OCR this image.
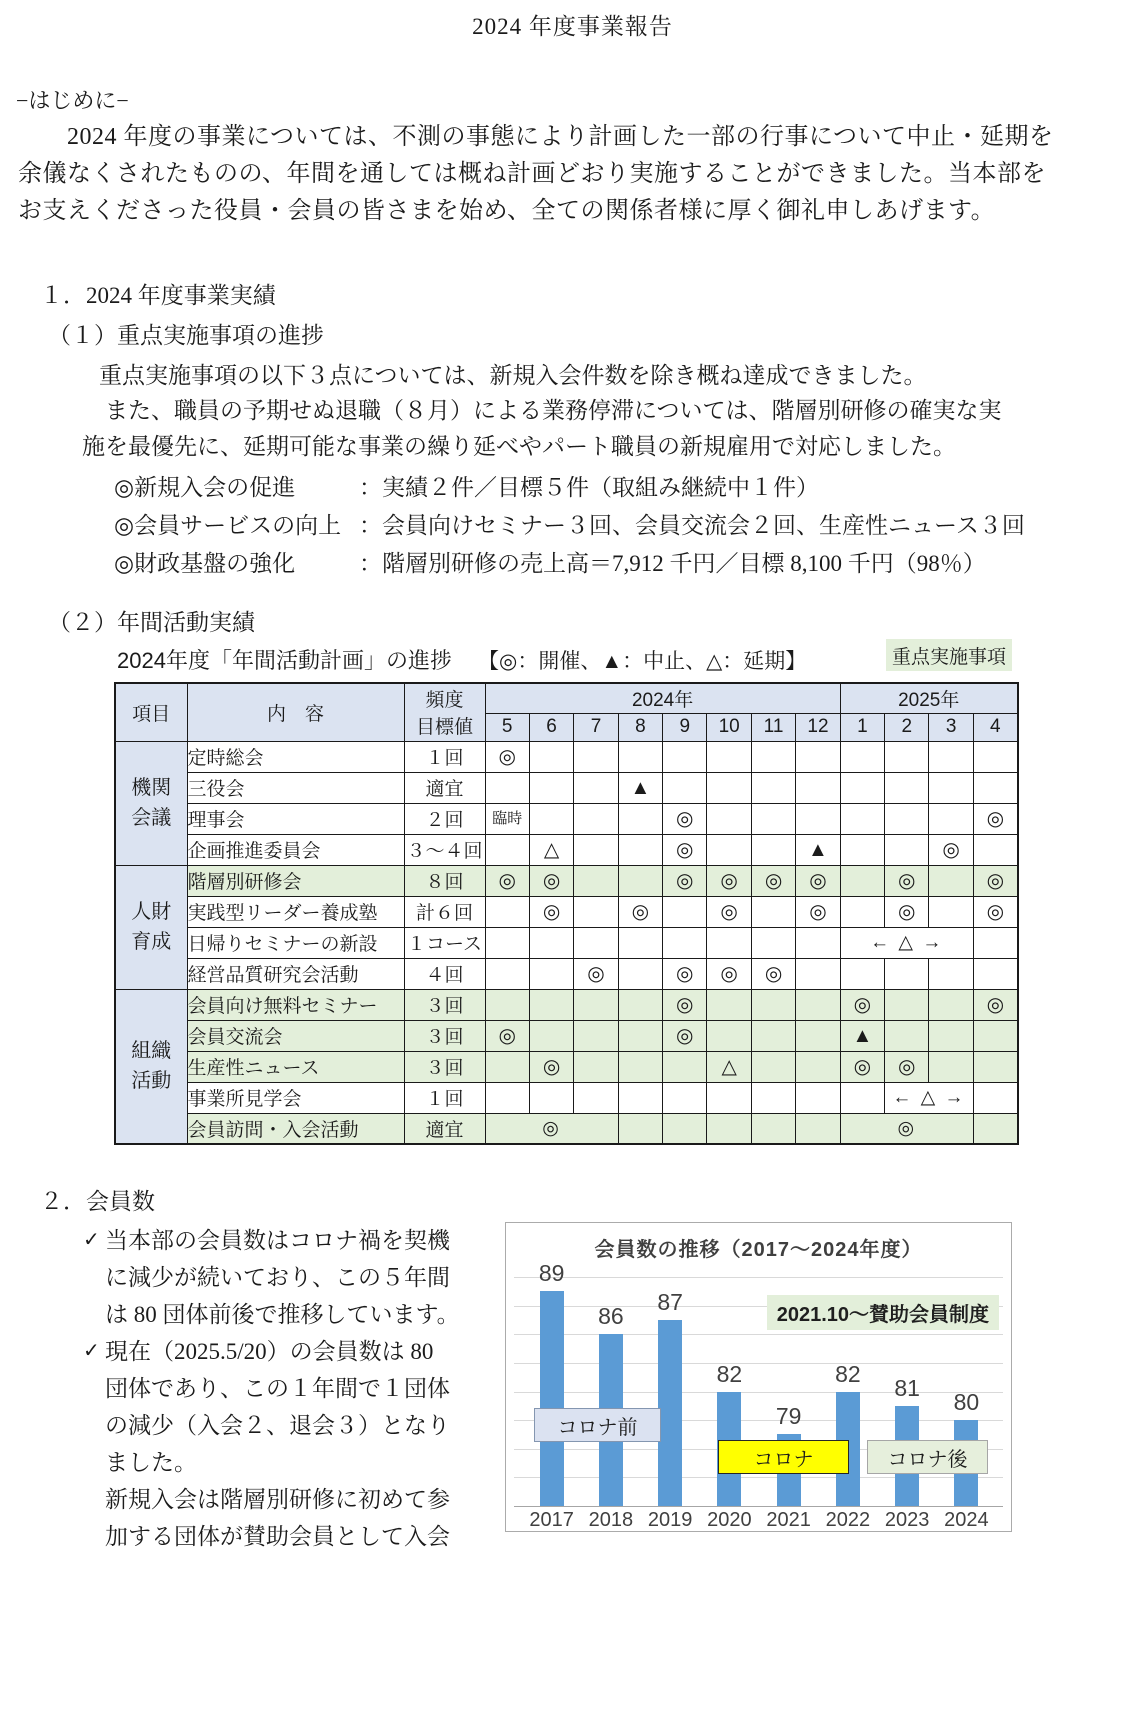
2024 年度事業報告
−はじめに−
　　2024 年度の事業については、不測の事態により計画した一部の行事について中止・延期を
余儀なくされたものの、年間を通しては概ね計画どおり実施することができました。当本部を
お支えくださった役員・会員の皆さまを始め、全ての関係者様に厚く御礼申しあげます。
１．2024 年度事業実績
（１）重点実施事項の進捗
重点実施事項の以下３点については、新規入会件数を除き概ね達成できました。
　また、職員の予期せぬ退職（８月）による業務停滞については、階層別研修の確実な実
施を最優先に、延期可能な事業の繰り延べやパート職員の新規雇用で対応しました。
◎新規入会の促進	：実績２件／目標５件（取組み継続中１件）
◎会員サービスの向上 ：会員向けセミナー３回、会員交流会２回、生産性ニュース３回
◎財政基盤の強化	：階層別研修の売上高＝7,912 千円／目標 8,100 千円（98％）
（２）年間活動実績
2024年度「年間活動計画」の進捗 【◎：開催、▲：中止、△：延期】	重点実施事項
項目	内　容	頻度
目標値	2024年								2025年			
			5	6	7	8	9	10	11	12	1	2	3	4

機関
会議	定時総会	１回	◎											
	三役会	適宜				▲								
	理事会	２回	臨時				◎							◎
	企画推進委員会	３～４回		△			◎			▲			◎	

人財
育成	階層別研修会	８回	◎	◎			◎	◎	◎	◎		◎		◎
	実践型リーダー養成塾	計６回		◎		◎		◎		◎		◎		◎
	日帰りセミナーの新設	１コース									← △ →			
	経営品質研究会活動	４回			◎		◎	◎	◎					

組織
活動	会員向け無料セミナー	３回					◎				◎			◎
	会員交流会	３回	◎				◎				▲			
	生産性ニュース	３回		◎				△			◎	◎		
	事業所見学会	１回										← △ →		
	会員訪問・入会活動	適宜	◎								◎			
２．会員数
✓ 当本部の会員数はコロナ禍を契機
に減少が続いており、この５年間
は 80 団体前後で推移しています。
✓ 現在（2025.5/20）の会員数は 80
団体であり、この１年間で１団体
の減少（入会２、退会３）となり
ました。
新規入会は階層別研修に初めて参
加する団体が賛助会員として入会
会員数の推移（2017～2024年度）
2021.10～賛助会員制度
89
2017
86
2018
87
2019
82
2020
79
2021
82
2022
81
2023
80
2024
コロナ前
コロナ	コロナ後
